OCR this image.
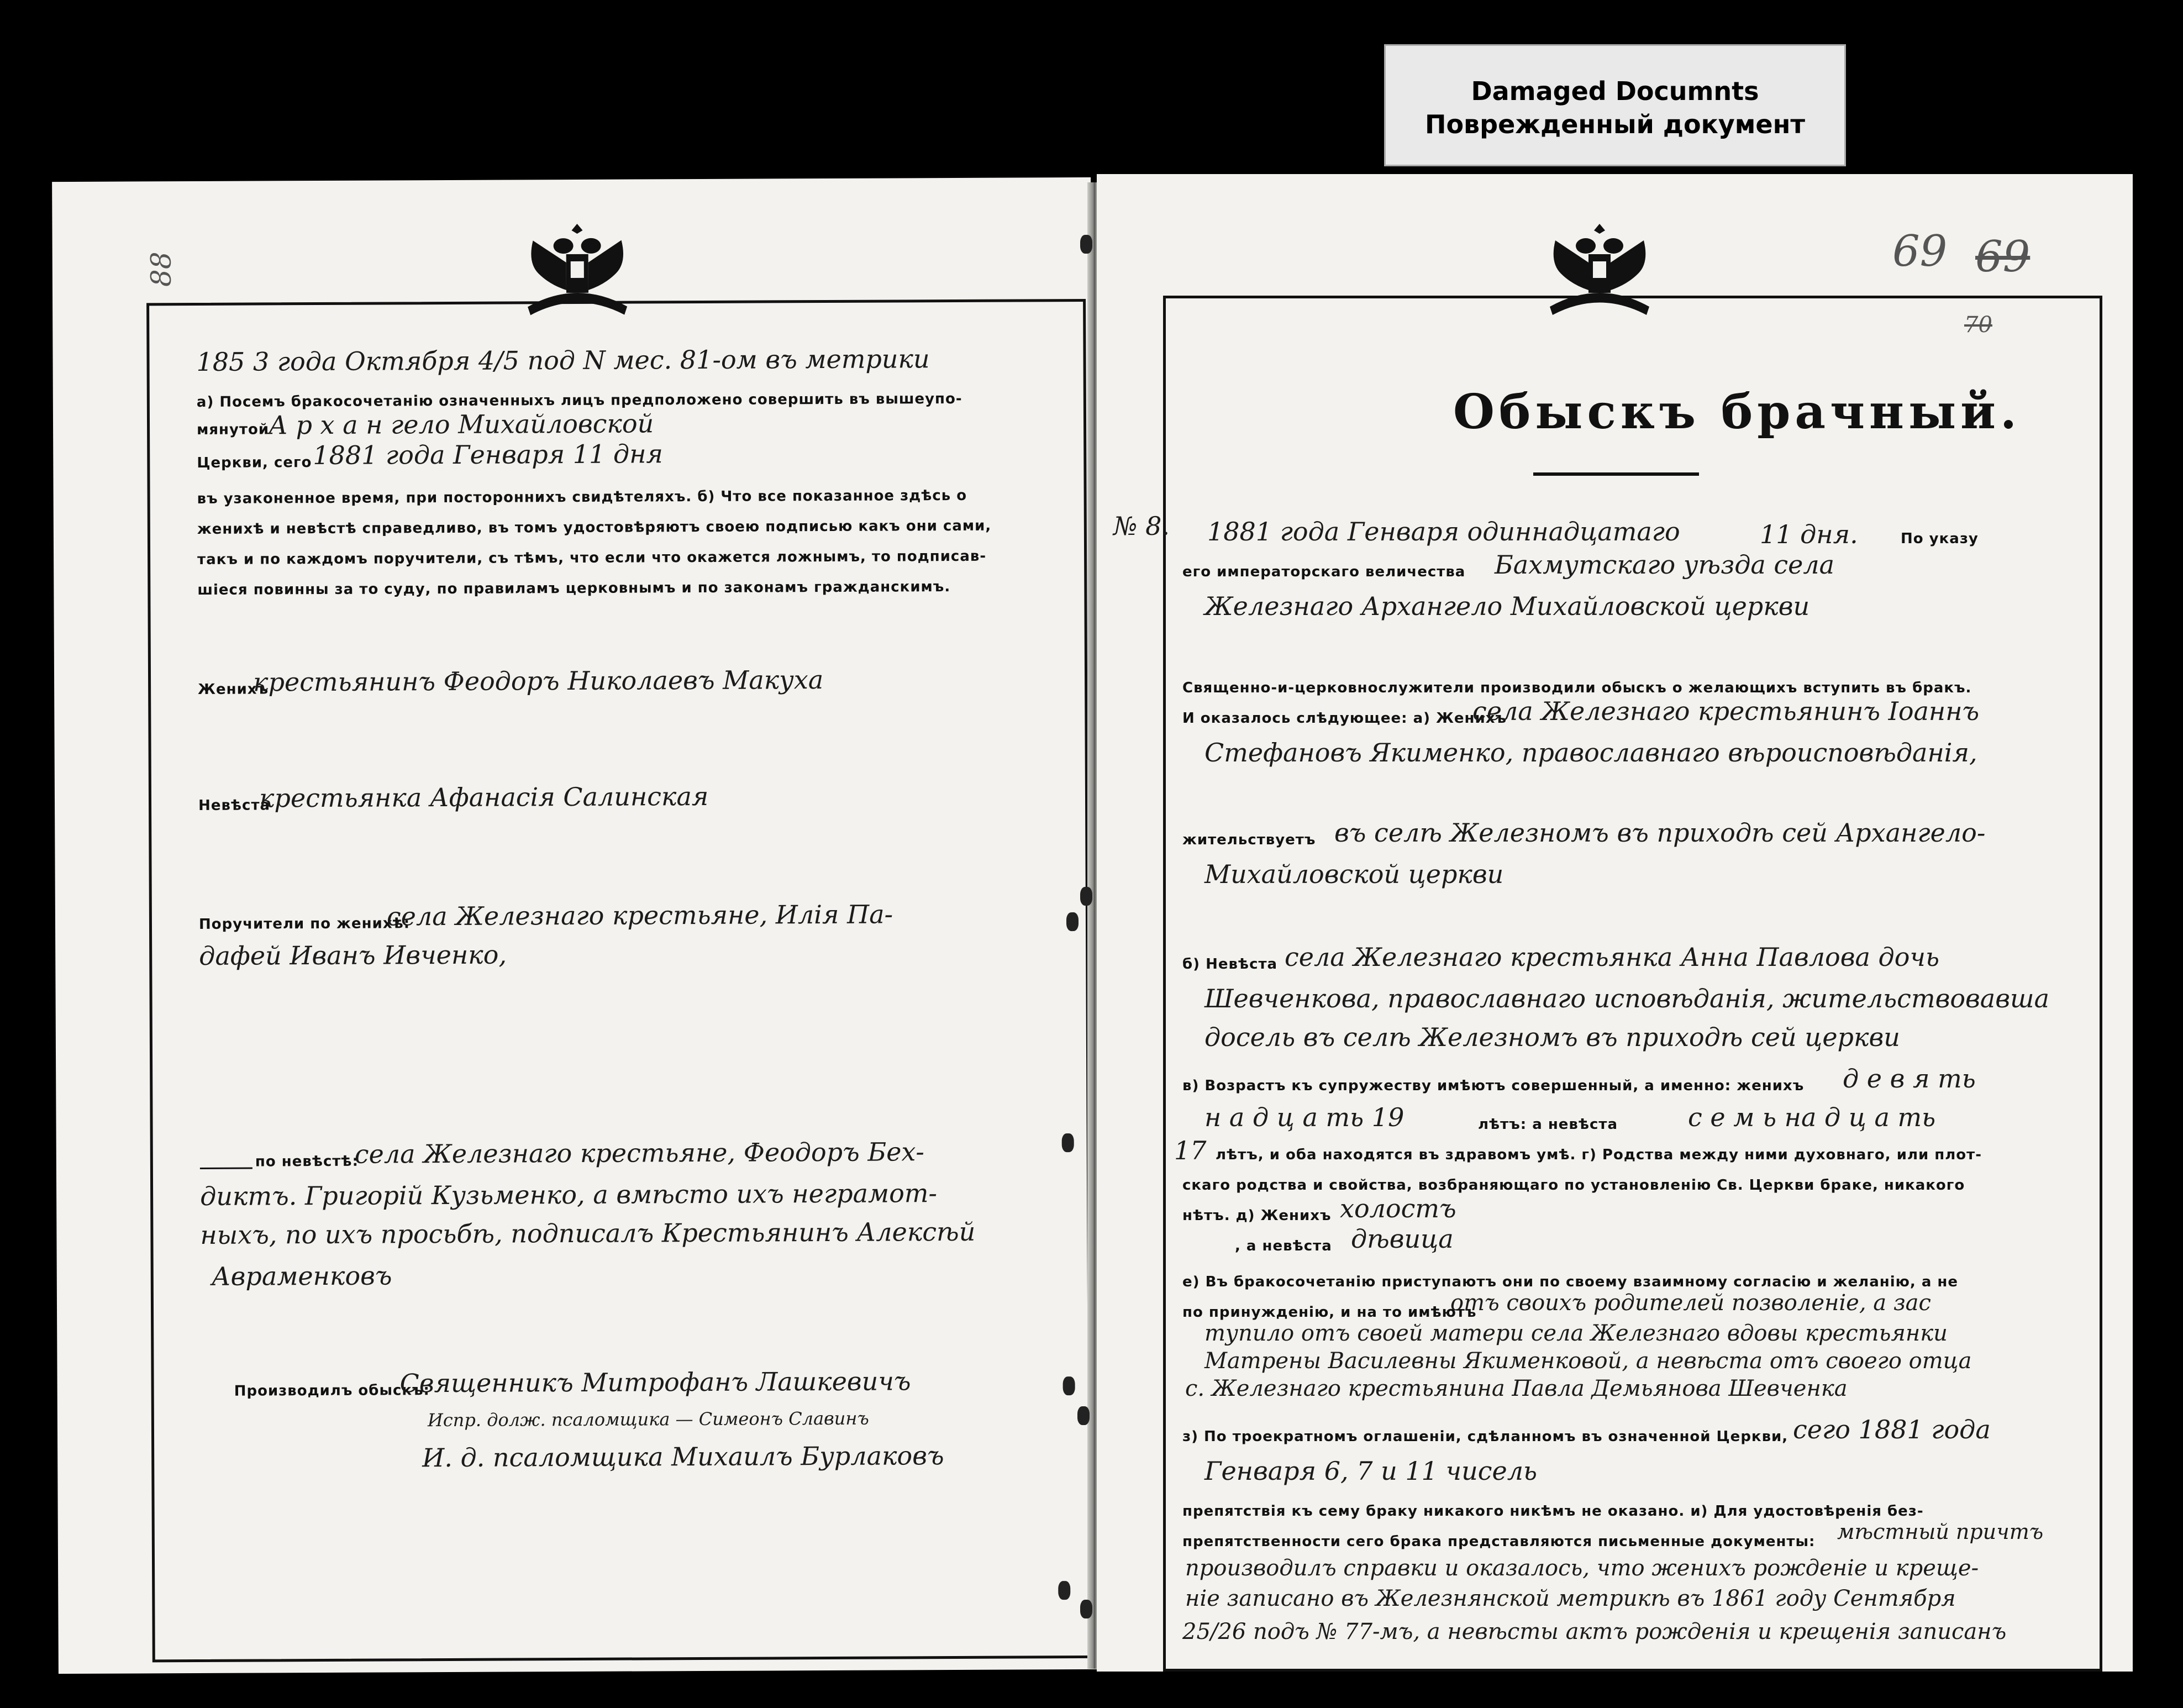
Damaged Documnts
Поврежденный документ
88
185 3 года Октября 4/5 под N мес. 81-ом въ метрики
а) Посемъ бракосочетанію означенныхъ лицъ предположено совершить въ вышеупо-
мянутой
А р х а н гело Михайловской
Церкви, сего 1881 года Генваря 11 дня
въ узаконенное время, при постороннихъ свидѣтеляхъ. б) Что все показанное здѣсь о
женихѣ и невѣстѣ справедливо, въ томъ удостовѣряютъ своею подписью какъ они сами,
такъ и по каждомъ поручители, съ тѣмъ, что если что окажется ложнымъ, то подписав-
шіеся повинны за то суду, по правиламъ церковнымъ и по законамъ гражданскимъ.
Женихъ
крестьянинъ Феодоръ Николаевъ Макуха
Невѣста
крестьянка Афанасія Салинская
Поручители по женихѣ:
села Железнаго крестьяне, Илія Па-
дафей Иванъ Ивченко,
по невѣстѣ:
села Железнаго крестьяне, Феодоръ Бех-
диктъ. Григорій Кузьменко, а вмѣсто ихъ неграмот-
ныхъ, по ихъ просьбѣ, подписалъ Крестьянинъ Алексѣй
Авраменковъ
Производилъ обыскъ:
Священникъ Митрофанъ Лашкевичъ
Испр. долж. псаломщика — Симеонъ Славинъ
И. д. псаломщика Михаилъ Бурлаковъ
69 69
70
Обыскъ брачный.
№ 8. 1881 года Генваря одиннадцатаго	11 дня.	По указу
его императорскаго величества Бахмутскаго уѣзда села
Железнаго Архангело Михайловской церкви
Священно-и-церковнослужители производили обыскъ о желающихъ вступить въ бракъ.
И оказалось слѣдующее: а) Женихъ
села Железнаго крестьянинъ Іоаннъ
Стефановъ Якименко, православнаго вѣроисповѣданія,
жительствуетъ въ селѣ Железномъ въ приходѣ сей Архангело-
Михайловской церкви
б) Невѣста села Железнаго крестьянка Анна Павлова дочь
Шевченкова, православнаго исповѣданія, жительствовавша
досель въ селѣ Железномъ въ приходѣ сей церкви
в) Возрастъ къ супружеству имѣютъ совершенный, а именно: женихъ д е в я ть
н а д ц а ть 19	лѣтъ: а невѣста	с е м ь на д ц а ть
17 лѣтъ, и оба находятся въ здравомъ умѣ. г) Родства между ними духовнаго, или плот-
скаго родства и свойства, возбраняющаго по установленію Св. Церкви браке, никакого
нѣтъ. д) Женихъ холостъ
, а невѣста дѣвица
е) Въ бракосочетанію приступаютъ они по своему взаимному согласію и желанію, а не
по принужденію, и на то имѣютъ
отъ своихъ родителей позволеніе, а зас
тупило отъ своей матери села Железнаго вдовы крестьянки
Матрены Василевны Якименковой, а невѣста отъ своего отца
с. Железнаго крестьянина Павла Демьянова Шевченка
з) По троекратномъ оглашеніи, сдѣланномъ въ означенной Церкви, сего 1881 года
Генваря 6, 7 и 11 чисель
препятствія къ сему браку никакого никѣмъ не оказано. и) Для удостовѣренія без-
препятственности сего брака представляются письменные документы: мѣстный причтъ
производилъ справки и оказалось, что женихъ рожденіе и креще-
ніе записано въ Железнянской метрикѣ въ 1861 году Сентября
25/26 подъ № 77-мъ, а невѣсты актъ рожденія и крещенія записанъ
